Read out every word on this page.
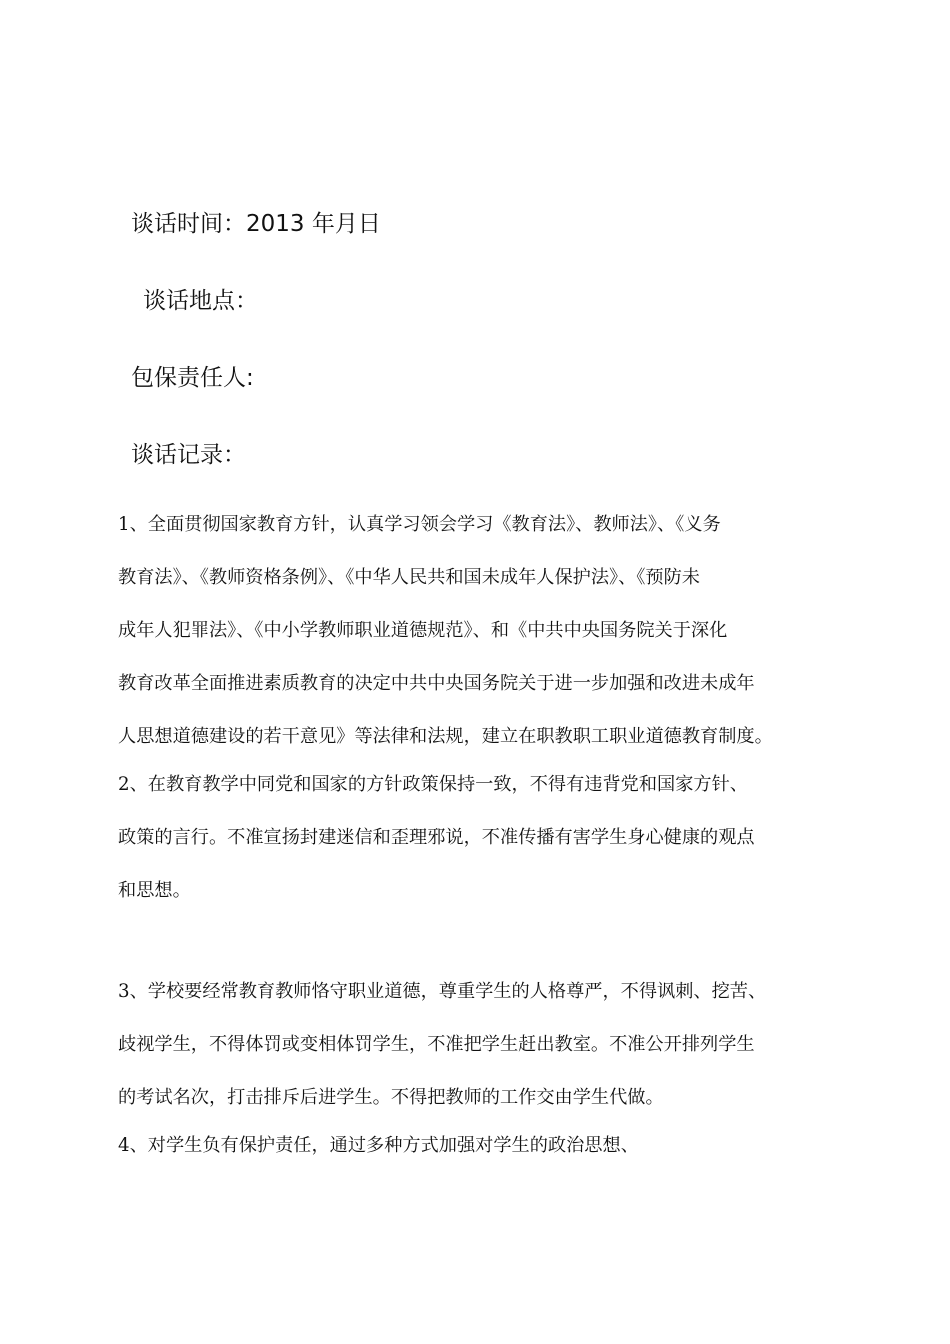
谈话时间：2013 年月日
谈话地点：
包保责任人:
谈话记录：
1、全面贯彻国家教育方针，认真学习领会学习《教育法》、教师法》、《义务
教育法》、《教师资格条例》、《中华人民共和国未成年人保护法》、《预防未
成年人犯罪法》、《中小学教师职业道德规范》、和《中共中央国务院关于深化
教育改革全面推进素质教育的决定中共中央国务院关于进一步加强和改进未成年
人思想道德建设的若干意见》等法律和法规，建立在职教职工职业道德教育制度。
2、在教育教学中同党和国家的方针政策保持一致，不得有违背党和国家方针、
政策的言行。不准宣扬封建迷信和歪理邪说，不准传播有害学生身心健康的观点
和思想。
3、学校要经常教育教师恪守职业道德，尊重学生的人格尊严，不得讽刺、挖苦、
歧视学生，不得体罚或变相体罚学生，不准把学生赶出教室。不准公开排列学生
的考试名次，打击排斥后进学生。不得把教师的工作交由学生代做。
4、对学生负有保护责任，通过多种方式加强对学生的政治思想、
